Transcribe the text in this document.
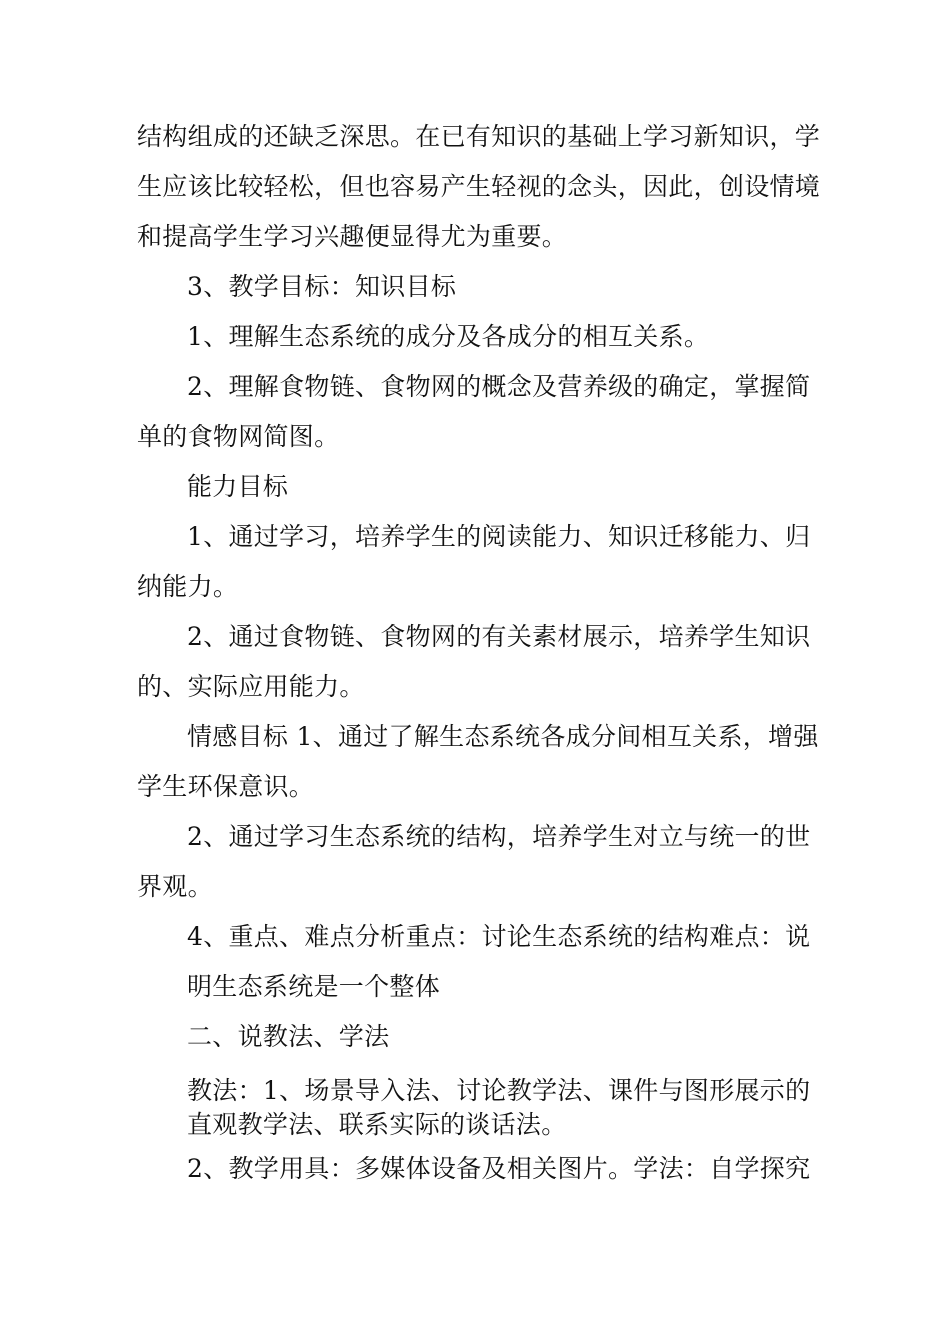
结构组成的还缺乏深思。在已有知识的基础上学习新知识，学
生应该比较轻松，但也容易产生轻视的念头，因此，创设情境
和提高学生学习兴趣便显得尤为重要。
3、教学目标：知识目标
1、理解生态系统的成分及各成分的相互关系。
2、理解食物链、食物网的概念及营养级的确定，掌握简
单的食物网简图。
能力目标
1、通过学习，培养学生的阅读能力、知识迁移能力、归
纳能力。
2、通过食物链、食物网的有关素材展示，培养学生知识
的、实际应用能力。
情感目标 1、通过了解生态系统各成分间相互关系，增强
学生环保意识。
2、通过学习生态系统的结构，培养学生对立与统一的世
界观。
4、重点、难点分析重点：讨论生态系统的结构难点：说
明生态系统是一个整体
二、说教法、学法
教法：1、场景导入法、讨论教学法、课件与图形展示的
直观教学法、联系实际的谈话法。
2、教学用具：多媒体设备及相关图片。学法：自学探究
